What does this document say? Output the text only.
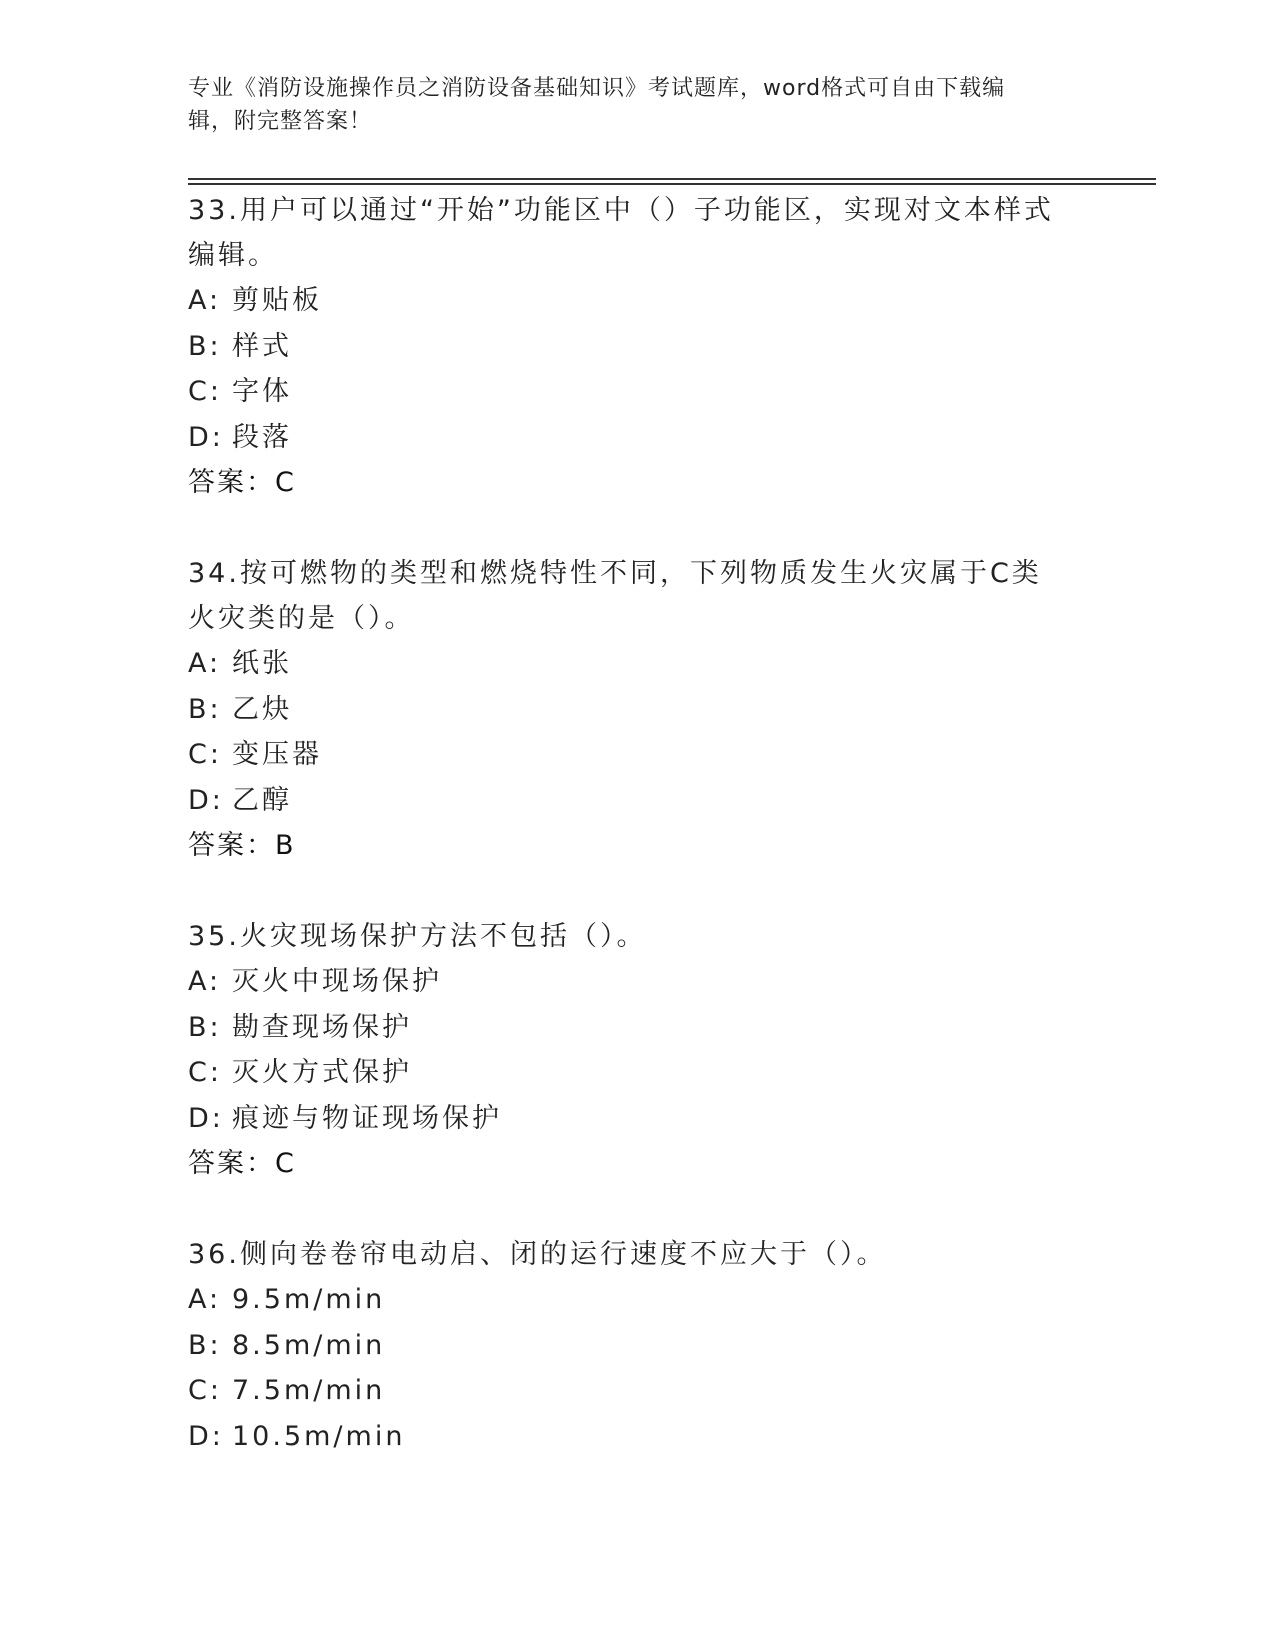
专业《消防设施操作员之消防设备基础知识》考试题库，word格式可自由下载编
辑，附完整答案！

33.用户可以通过“开始”功能区中（）子功能区，实现对文本样式编辑。

A: 剪贴板

B: 样式

C: 字体

D: 段落

答案：C

34.按可燃物的类型和燃烧特性不同，下列物质发生火灾属于C类火灾类的是（）。

A: 纸张

B: 乙炔

C: 变压器

D: 乙醇

答案：B

35.火灾现场保护方法不包括（）。

A: 灭火中现场保护

B: 勘查现场保护

C: 灭火方式保护

D: 痕迹与物证现场保护

答案：C

36.侧向卷卷帘电动启、闭的运行速度不应大于（）。

A: 9.5m/min

B: 8.5m/min

C: 7.5m/min

D: 10.5m/min
